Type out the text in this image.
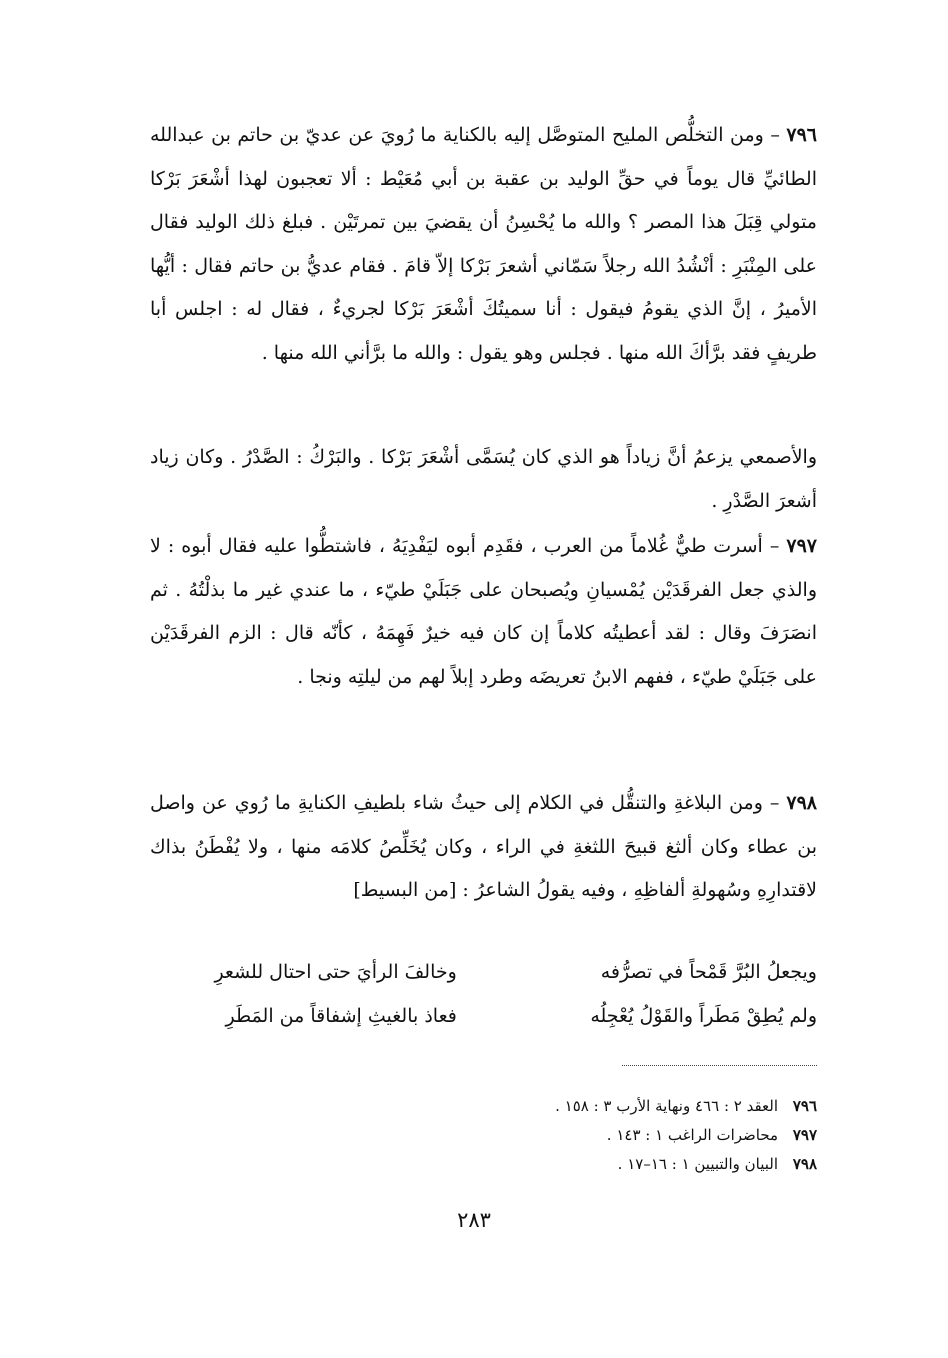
٧٩٦ – ومن التخلُّص المليح المتوصَّل إليه بالكناية ما رُويَ عن عديّ بن حاتم بن عبدالله الطائيِّ قال يوماً في حقِّ الوليد بن عقبة بن أبي مُعَيْط : ألا تعجبون لهذا أشْعَرَ بَرْكا متولي قِبَلَ هذا المصر ؟ والله ما يُحْسِنُ أن يقضيَ بين تمرتَيْن . فبلغ ذلك الوليد فقال على المِنْبَرِ : أنْشُدُ الله رجلاً سَمّاني أشعرَ بَرْكا إلاّ قامَ . فقام عديُّ بن حاتم فقال : أيُّها الأميرُ ، إنَّ الذي يقومُ فيقول : أنا سميتُكَ أشْعَرَ بَرْكا لجريءٌ ، فقال له : اجلس أبا طريفٍ فقد برَّأكَ الله منها . فجلس وهو يقول : والله ما برَّأني الله منها .
والأصمعي يزعمُ أنَّ زياداً هو الذي كان يُسَمَّى أشْعَرَ بَرْكا . والبَرْكُ : الصَّدْرُ . وكان زياد أشعرَ الصَّدْرِ .
٧٩٧ – أسرت طيٌّ غُلاماً من العرب ، فقَدِم أبوه ليَفْدِيَهُ ، فاشتطُّوا عليه فقال أبوه : لا والذي جعل الفرقَدَيْن يُمْسيانِ ويُصبحان على جَبَلَيْ طيّء ، ما عندي غير ما بذلْتُهُ . ثم انصَرَفَ وقال : لقد أعطيتُه كلاماً إن كان فيه خيرٌ فَهِمَهُ ، كأنّه قال : الزم الفرقَدَيْن على جَبَلَيْ طيّء ، ففهم الابنُ تعريضَه وطرد إبلاً لهم من ليلتِه ونجا .
٧٩٨ – ومن البلاغةِ والتنقُّل في الكلام إلى حيثُ شاء بلطيفِ الكنايةِ ما رُوي عن واصل بن عطاء وكان ألثغ قبيحَ اللثغةِ في الراء ، وكان يُخَلِّصُ كلامَه منها ، ولا يُفْطَنُ بذاك لاقتدارِهِ وسُهولةِ ألفاظِهِ ، وفيه يقولُ الشاعرُ : [من البسيط]
ويجعلُ البُرَّ قَمْحاً في تصرُّفه
وخالفَ الرأيَ حتى احتال للشعرِ
ولم يُطِقْ مَطَراً والقَوْلُ يُعْجِلُه
فعاذ بالغيثِ إشفاقاً من المَطَرِ
٧٩٦ العقد ٢ : ٤٦٦ ونهاية الأرب ٣ : ١٥٨ .
٧٩٧ محاضرات الراغب ١ : ١٤٣ .
٧٩٨ البيان والتبيين ١ : ١٦–١٧ .
٢٨٣
